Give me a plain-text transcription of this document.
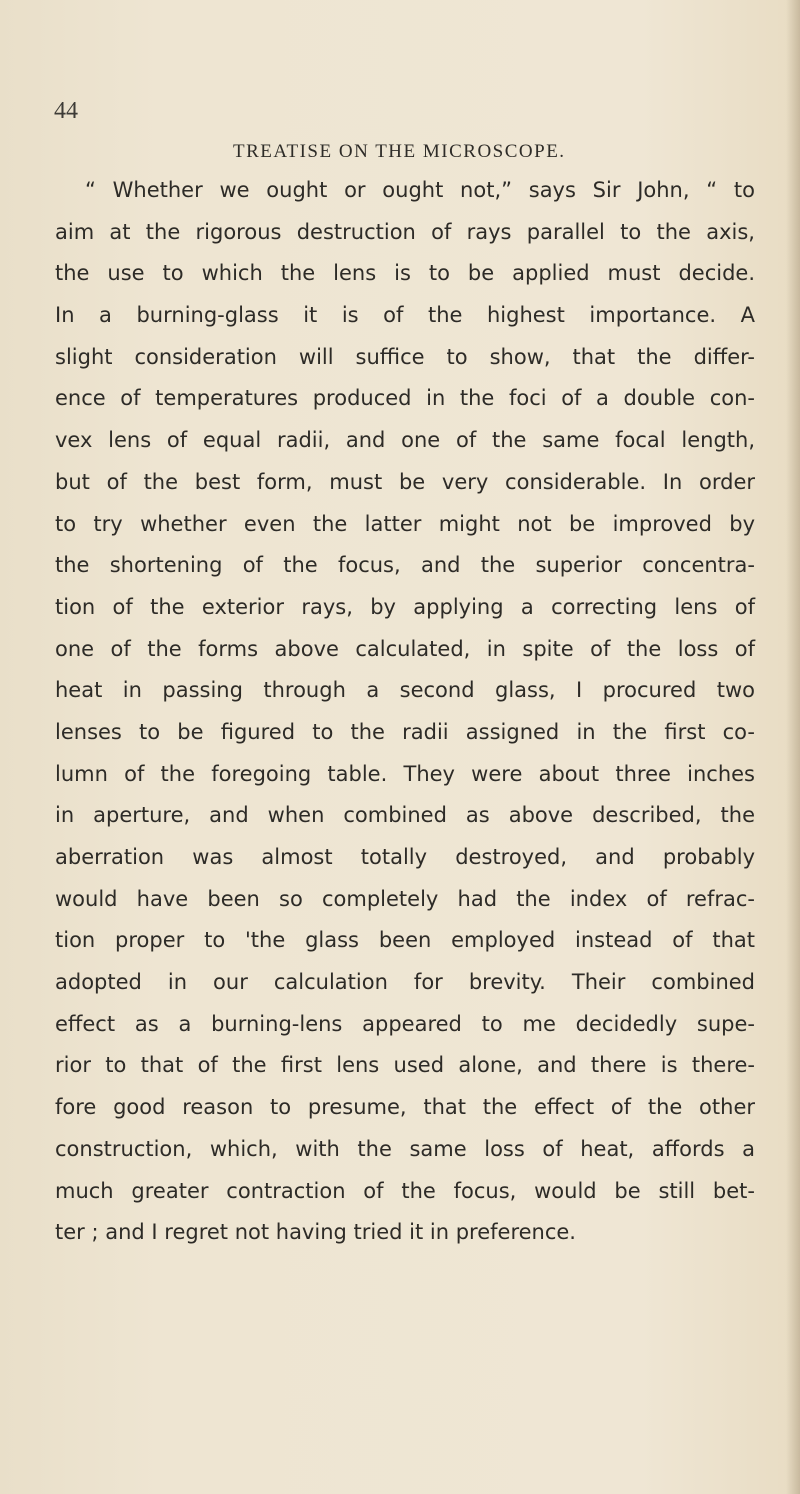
44
TREATISE ON THE MICROSCOPE.
“ Whether we ought or ought not,” says Sir John, “ to
aim at the rigorous destruction of rays parallel to the axis,
the use to which the lens is to be applied must decide.
In a burning-glass it is of the highest importance. A
slight consideration will suffice to show, that the differ-
ence of temperatures produced in the foci of a double con-
vex lens of equal radii, and one of the same focal length,
but of the best form, must be very considerable. In order
to try whether even the latter might not be improved by
the shortening of the focus, and the superior concentra-
tion of the exterior rays, by applying a correcting lens of
one of the forms above calculated, in spite of the loss of
heat in passing through a second glass, I procured two
lenses to be figured to the radii assigned in the first co-
lumn of the foregoing table. They were about three inches
in aperture, and when combined as above described, the
aberration was almost totally destroyed, and probably
would have been so completely had the index of refrac-
tion proper to 'the glass been employed instead of that
adopted in our calculation for brevity. Their combined
effect as a burning-lens appeared to me decidedly supe-
rior to that of the first lens used alone, and there is there-
fore good reason to presume, that the effect of the other
construction, which, with the same loss of heat, affords a
much greater contraction of the focus, would be still bet-
ter ; and I regret not having tried it in preference.
